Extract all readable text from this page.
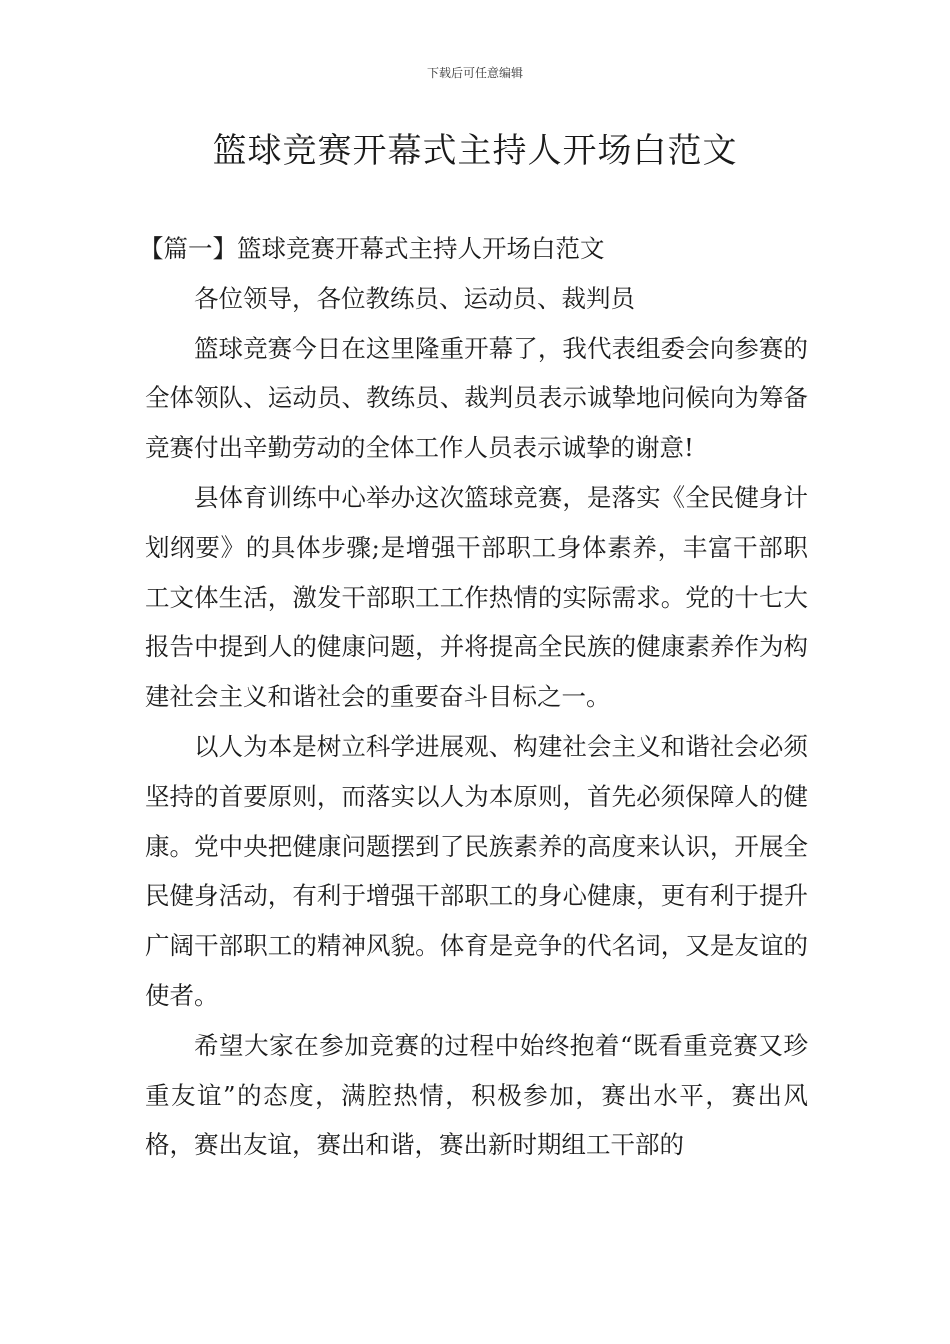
下载后可任意编辑
篮球竞赛开幕式主持人开场白范文

【篇一】篮球竞赛开幕式主持人开场白范文

各位领导，各位教练员、运动员、裁判员

篮球竞赛今日在这里隆重开幕了，我代表组委会向参赛的全体领队、运动员、教练员、裁判员表示诚挚地问候向为筹备竞赛付出辛勤劳动的全体工作人员表示诚挚的谢意!

县体育训练中心举办这次篮球竞赛，是落实《全民健身计划纲要》的具体步骤;是增强干部职工身体素养，丰富干部职工文体生活，激发干部职工工作热情的实际需求。党的十七大报告中提到人的健康问题，并将提高全民族的健康素养作为构建社会主义和谐社会的重要奋斗目标之一。

以人为本是树立科学进展观、构建社会主义和谐社会必须坚持的首要原则，而落实以人为本原则，首先必须保障人的健康。党中央把健康问题摆到了民族素养的高度来认识，开展全民健身活动，有利于增强干部职工的身心健康，更有利于提升广阔干部职工的精神风貌。体育是竞争的代名词，又是友谊的使者。

希望大家在参加竞赛的过程中始终抱着“既看重竞赛又珍重友谊”的态度，满腔热情，积极参加，赛出水平，赛出风格，赛出友谊，赛出和谐，赛出新时期组工干部的
